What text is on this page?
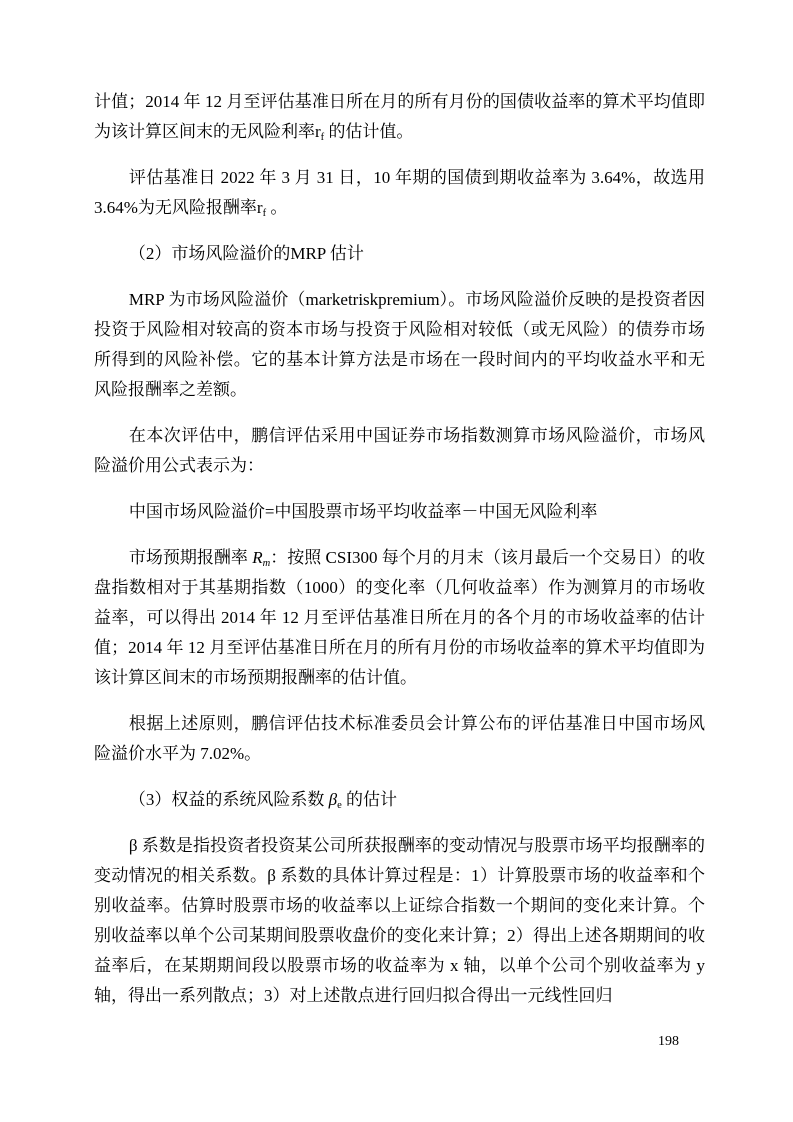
计值；2014 年 12 月至评估基准日所在月的所有月份的国债收益率的算术平均值即为该计算区间末的无风险利率$r_f$ 的估计值。

评估基准日 2022 年 3 月 31 日，10 年期的国债到期收益率为 3.64%，故选用 3.64%为无风险报酬率$r_f$ 。

（2）市场风险溢价的MRP 估计

MRP 为市场风险溢价（marketriskpremium）。市场风险溢价反映的是投资者因投资于风险相对较高的资本市场与投资于风险相对较低（或无风险）的债券市场所得到的风险补偿。它的基本计算方法是市场在一段时间内的平均收益水平和无风险报酬率之差额。

在本次评估中，鹏信评估采用中国证券市场指数测算市场风险溢价，市场风险溢价用公式表示为：

中国市场风险溢价=中国股票市场平均收益率－中国无风险利率

市场预期报酬率 $R_m$：按照 CSI300 每个月的月末（该月最后一个交易日）的收盘指数相对于其基期指数（1000）的变化率（几何收益率）作为测算月的市场收益率，可以得出 2014 年 12 月至评估基准日所在月的各个月的市场收益率的估计值；2014 年 12 月至评估基准日所在月的所有月份的市场收益率的算术平均值即为该计算区间末的市场预期报酬率的估计值。

根据上述原则，鹏信评估技术标准委员会计算公布的评估基准日中国市场风险溢价水平为 7.02%。

（3）权益的系统风险系数 $\beta_e$ 的估计

β 系数是指投资者投资某公司所获报酬率的变动情况与股票市场平均报酬率的变动情况的相关系数。β 系数的具体计算过程是：1）计算股票市场的收益率和个别收益率。估算时股票市场的收益率以上证综合指数一个期间的变化来计算。个别收益率以单个公司某期间股票收盘价的变化来计算；2）得出上述各期期间的收益率后，在某期期间段以股票市场的收益率为 x 轴，以单个公司个别收益率为 y 轴，得出一系列散点；3）对上述散点进行回归拟合得出一元线性回归

198
